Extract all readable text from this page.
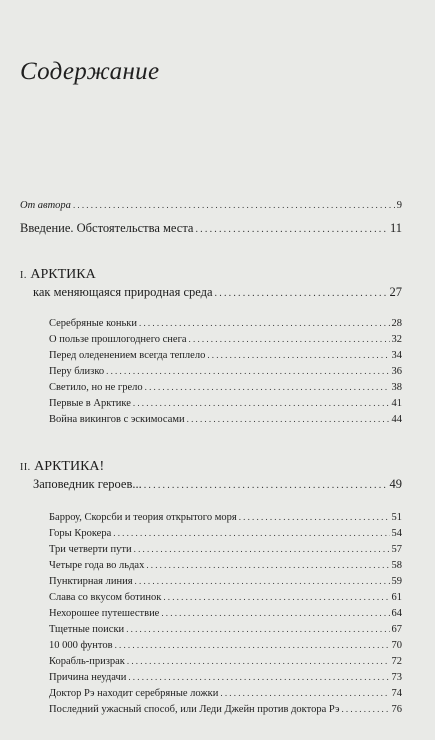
Содержание
От автора .....	9
Введение. Обстоятельства места .....	11
I. АРКТИКА
как меняющаяся природная среда .....	27
Серебряные коньки .....	28
О пользе прошлогоднего снега .....	32
Перед оледенением всегда теплело .....	34
Перу близко .....	36
Светило, но не грело .....	38
Первые в Арктике .....	41
Война викингов с эскимосами .....	44
II. АРКТИКА!
Заповедник героев... .....	49
Барроу, Скорсби и теория открытого моря .....	51
Горы Крокера .....	54
Три четверти пути .....	57
Четыре года во льдах .....	58
Пунктирная линия .....	59
Слава со вкусом ботинок .....	61
Нехорошее путешествие .....	64
Тщетные поиски .....	67
10 000 фунтов .....	70
Корабль-призрак .....	72
Причина неудачи .....	73
Доктор Рэ находит серебряные ложки .....	74
Последний ужасный способ, или Леди Джейн против доктора Рэ .....	76
